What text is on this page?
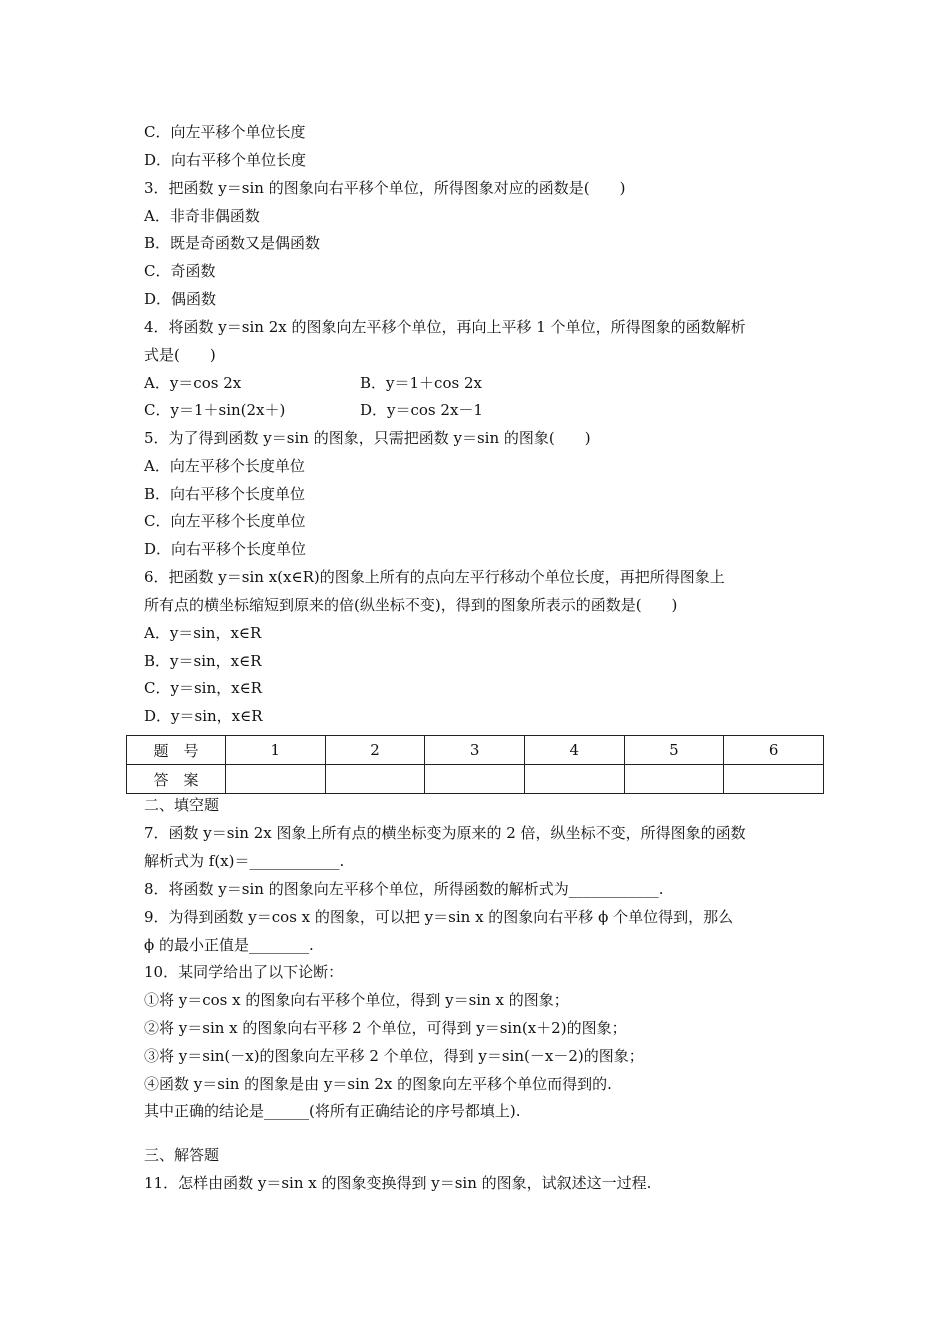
C．向左平移个单位长度
D．向右平移个单位长度
3．把函数 y＝sin 的图象向右平移个单位，所得图象对应的函数是(　　)
A．非奇非偶函数
B．既是奇函数又是偶函数
C．奇函数
D．偶函数
4．将函数 y＝sin 2x 的图象向左平移个单位，再向上平移 1 个单位，所得图象的函数解析
式是(　　)
A．y＝cos 2x	B．y＝1＋cos 2x
C．y＝1＋sin(2x＋)	D．y＝cos 2x－1
5．为了得到函数 y＝sin 的图象，只需把函数 y＝sin 的图象(　　)
A．向左平移个长度单位
B．向右平移个长度单位
C．向左平移个长度单位
D．向右平移个长度单位
6．把函数 y＝sin x(x∈R)的图象上所有的点向左平行移动个单位长度，再把所得图象上
所有点的横坐标缩短到原来的倍(纵坐标不变)，得到的图象所表示的函数是(　　)
A．y＝sin，x∈R
B．y＝sin，x∈R
C．y＝sin，x∈R
D．y＝sin，x∈R
题　号	1	2	3	4	5	6
答　案						
二、填空题
7．函数 y＝sin 2x 图象上所有点的横坐标变为原来的 2 倍，纵坐标不变，所得图象的函数
解析式为 f(x)＝____________.
8．将函数 y＝sin 的图象向左平移个单位，所得函数的解析式为____________.
9．为得到函数 y＝cos x 的图象，可以把 y＝sin x 的图象向右平移 ϕ 个单位得到，那么
ϕ 的最小正值是________.
10．某同学给出了以下论断：
①将 y＝cos x 的图象向右平移个单位，得到 y＝sin x 的图象；
②将 y＝sin x 的图象向右平移 2 个单位，可得到 y＝sin(x＋2)的图象；
③将 y＝sin(－x)的图象向左平移 2 个单位，得到 y＝sin(－x－2)的图象；
④函数 y＝sin 的图象是由 y＝sin 2x 的图象向左平移个单位而得到的.
其中正确的结论是______(将所有正确结论的序号都填上).
三、解答题
11．怎样由函数 y＝sin x 的图象变换得到 y＝sin 的图象，试叙述这一过程.
